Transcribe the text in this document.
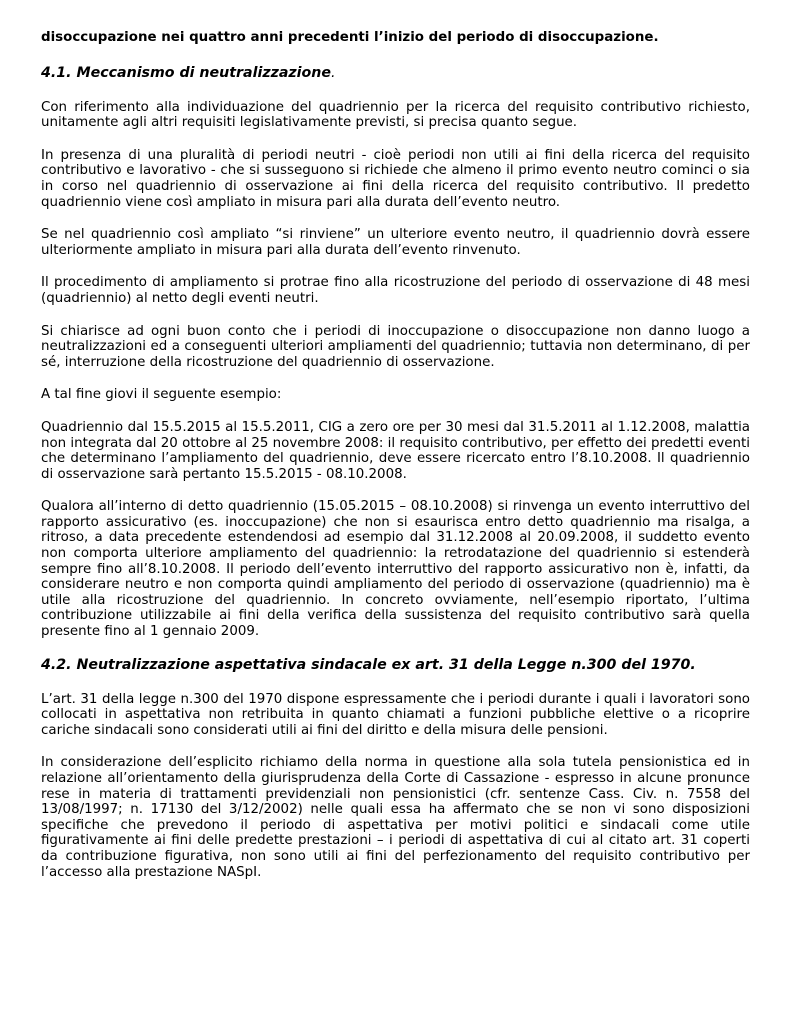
disoccupazione nei quattro anni precedenti l’inizio del periodo di disoccupazione.

4.1. Meccanismo di neutralizzazione.

Con riferimento alla individuazione del quadriennio per la ricerca del requisito contributivo richiesto, unitamente agli altri requisiti legislativamente previsti, si precisa quanto segue.

In presenza di una pluralità di periodi neutri - cioè periodi non utili ai fini della ricerca del requisito contributivo e lavorativo - che si susseguono si richiede che almeno il primo evento neutro cominci o sia in corso nel quadriennio di osservazione ai fini della ricerca del requisito contributivo. Il predetto quadriennio viene così ampliato in misura pari alla durata dell’evento neutro.

Se nel quadriennio così ampliato “si rinviene” un ulteriore evento neutro, il quadriennio dovrà essere ulteriormente ampliato in misura pari alla durata dell’evento rinvenuto.

Il procedimento di ampliamento si protrae fino alla ricostruzione del periodo di osservazione di 48 mesi (quadriennio) al netto degli eventi neutri.

Si chiarisce ad ogni buon conto che i periodi di inoccupazione o disoccupazione non danno luogo a neutralizzazioni ed a conseguenti ulteriori ampliamenti del quadriennio; tuttavia non determinano, di per sé, interruzione della ricostruzione del quadriennio di osservazione.

A tal fine giovi il seguente esempio:

Quadriennio dal 15.5.2015 al 15.5.2011, CIG a zero ore per 30 mesi dal 31.5.2011 al 1.12.2008, malattia non integrata dal 20 ottobre al 25 novembre 2008: il requisito contributivo, per effetto dei predetti eventi che determinano l’ampliamento del quadriennio, deve essere ricercato entro l’8.10.2008. Il quadriennio di osservazione sarà pertanto 15.5.2015 - 08.10.2008.

Qualora all’interno di detto quadriennio (15.05.2015 – 08.10.2008) si rinvenga un evento interruttivo del rapporto assicurativo (es. inoccupazione) che non si esaurisca entro detto quadriennio ma risalga, a ritroso, a data precedente estendendosi ad esempio dal 31.12.2008 al 20.09.2008, il suddetto evento non comporta ulteriore ampliamento del quadriennio: la retrodatazione del quadriennio si estenderà sempre fino all’8.10.2008. Il periodo dell’evento interruttivo del rapporto assicurativo non è, infatti, da considerare neutro e non comporta quindi ampliamento del periodo di osservazione (quadriennio) ma è utile alla ricostruzione del quadriennio. In concreto ovviamente, nell’esempio riportato, l’ultima contribuzione utilizzabile ai fini della verifica della sussistenza del requisito contributivo sarà quella presente fino al 1 gennaio 2009.

4.2. Neutralizzazione aspettativa sindacale ex art. 31 della Legge n.300 del 1970.

L’art. 31 della legge n.300 del 1970 dispone espressamente che i periodi durante i quali i lavoratori sono collocati in aspettativa non retribuita in quanto chiamati a funzioni pubbliche elettive o a ricoprire cariche sindacali sono considerati utili ai fini del diritto e della misura delle pensioni.

In considerazione dell’esplicito richiamo della norma in questione alla sola tutela pensionistica ed in relazione all’orientamento della giurisprudenza della Corte di Cassazione - espresso in alcune pronunce rese in materia di trattamenti previdenziali non pensionistici (cfr. sentenze Cass. Civ. n. 7558 del 13/08/1997; n. 17130 del 3/12/2002) nelle quali essa ha affermato che se non vi sono disposizioni specifiche che prevedono il periodo di aspettativa per motivi politici e sindacali come utile figurativamente ai fini delle predette prestazioni – i periodi di aspettativa di cui al citato art. 31 coperti da contribuzione figurativa, non sono utili ai fini del perfezionamento del requisito contributivo per l’accesso alla prestazione NASpI.
